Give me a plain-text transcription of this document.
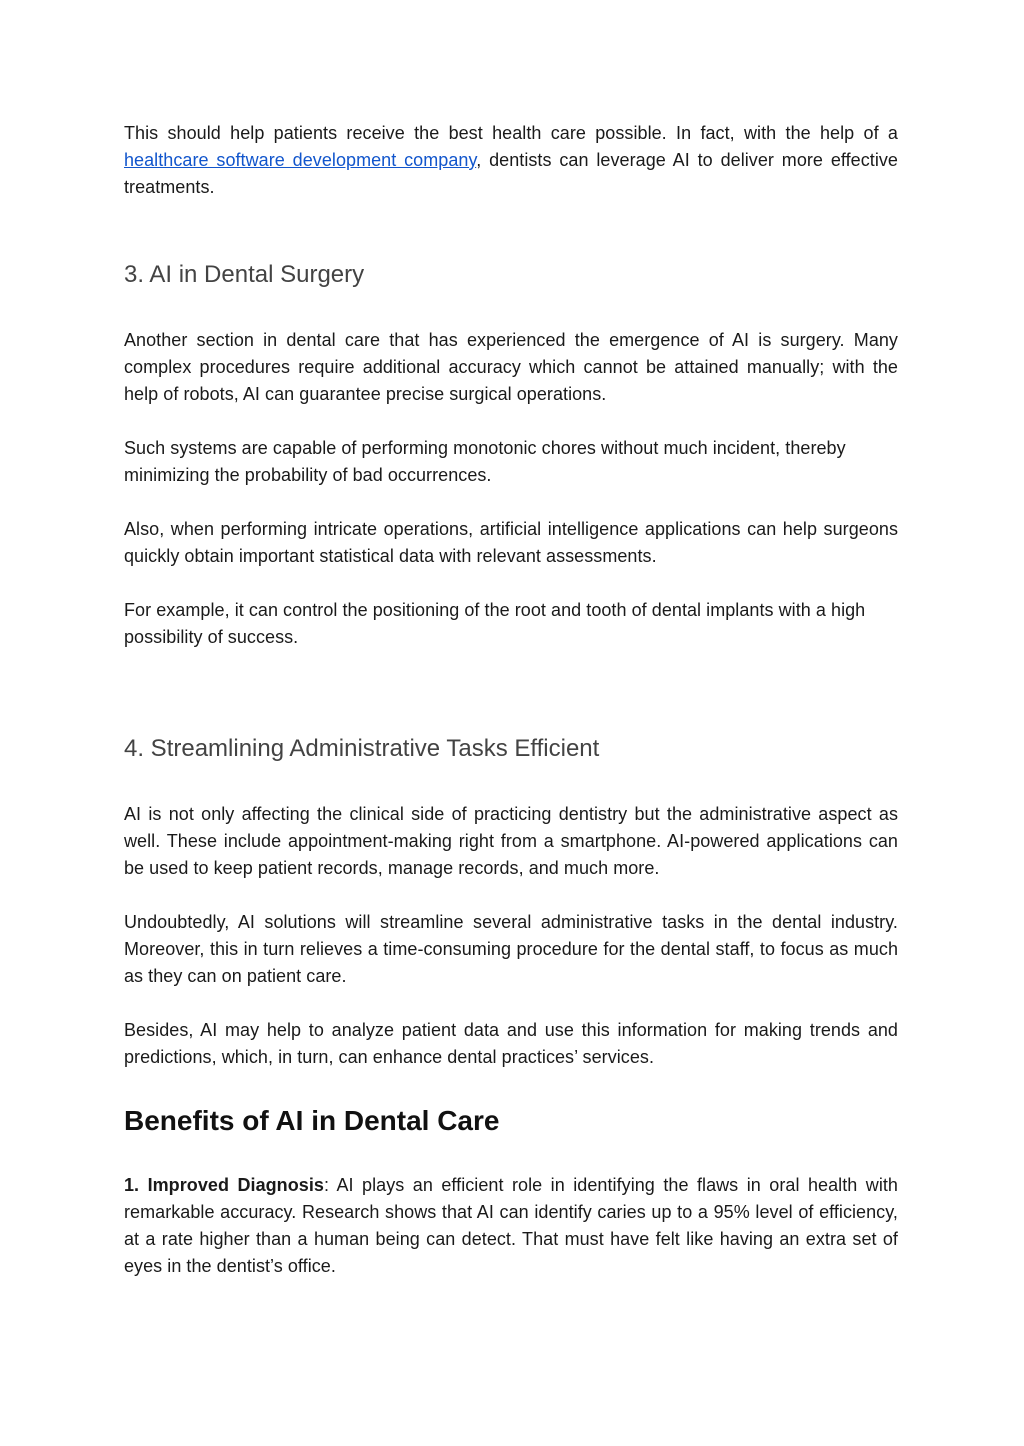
This should help patients receive the best health care possible. In fact, with the help of a healthcare software development company, dentists can leverage AI to deliver more effective treatments.

3. AI in Dental Surgery

Another section in dental care that has experienced the emergence of AI is surgery. Many complex procedures require additional accuracy which cannot be attained manually; with the help of robots, AI can guarantee precise surgical operations.

Such systems are capable of performing monotonic chores without much incident, thereby minimizing the probability of bad occurrences.

Also, when performing intricate operations, artificial intelligence applications can help surgeons quickly obtain important statistical data with relevant assessments.

For example, it can control the positioning of the root and tooth of dental implants with a high possibility of success.

4. Streamlining Administrative Tasks Efficient

AI is not only affecting the clinical side of practicing dentistry but the administrative aspect as well. These include appointment-making right from a smartphone. AI-powered applications can be used to keep patient records, manage records, and much more.

Undoubtedly, AI solutions will streamline several administrative tasks in the dental industry. Moreover, this in turn relieves a time-consuming procedure for the dental staff, to focus as much as they can on patient care.

Besides, AI may help to analyze patient data and use this information for making trends and predictions, which, in turn, can enhance dental practices’ services.

Benefits of AI in Dental Care

1. Improved Diagnosis: AI plays an efficient role in identifying the flaws in oral health with remarkable accuracy. Research shows that AI can identify caries up to a 95% level of efficiency, at a rate higher than a human being can detect. That must have felt like having an extra set of eyes in the dentist’s office.
